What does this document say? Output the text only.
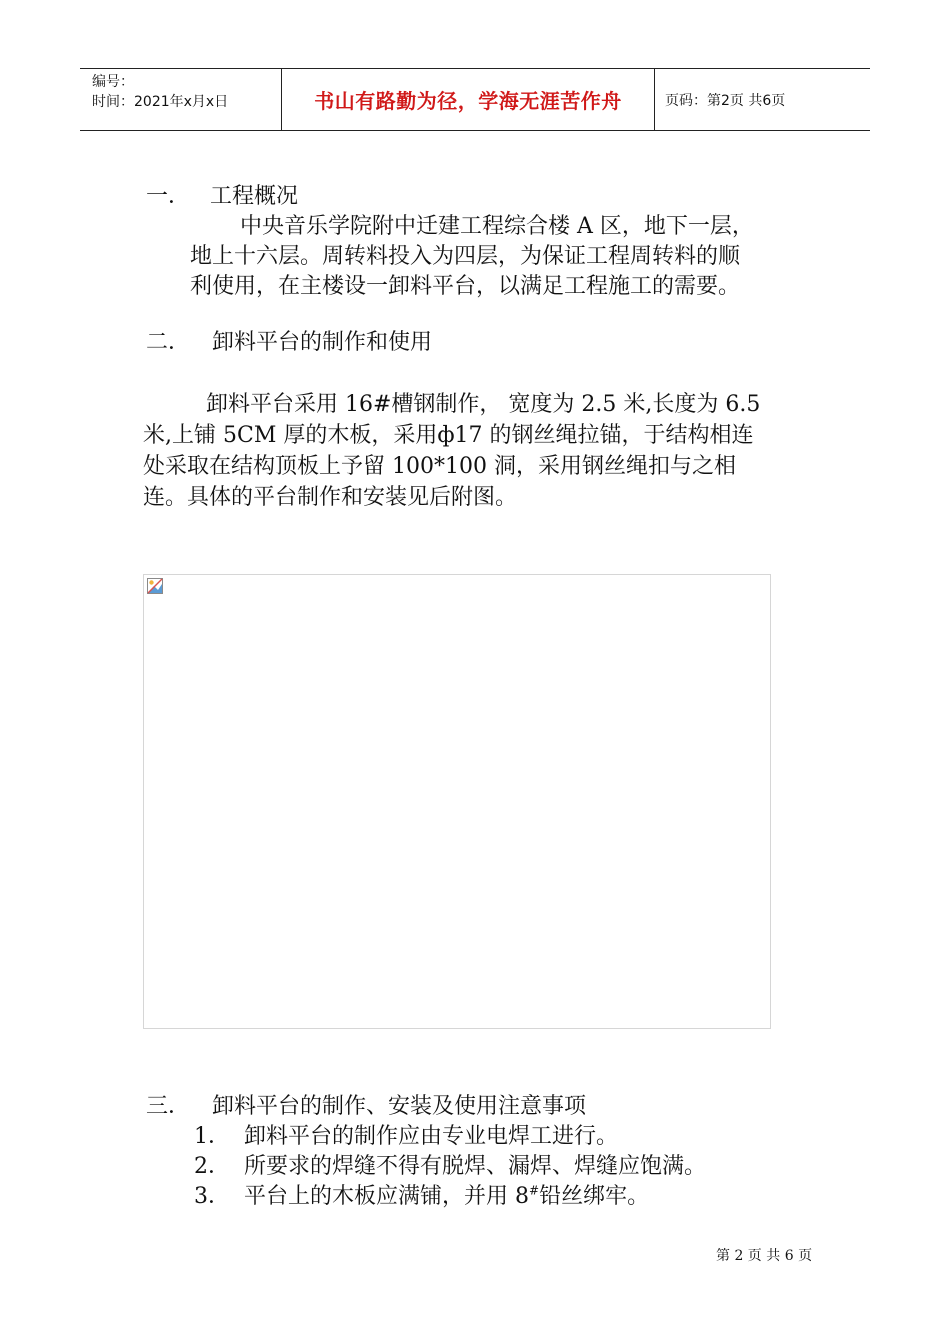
编号：
时间：2021年x月x日	书山有路勤为径，学海无涯苦作舟	页码：第2页 共6页
一． 工程概况
中央音乐学院附中迁建工程综合楼 A 区，地下一层，
地上十六层。周转料投入为四层，为保证工程周转料的顺
利使用，在主楼设一卸料平台，以满足工程施工的需要。
二． 卸料平台的制作和使用
卸料平台采用 16#槽钢制作， 宽度为 2.5 米,长度为 6.5
米,上铺 5CM 厚的木板，采用ф17 的钢丝绳拉锚，于结构相连
处采取在结构顶板上予留 100*100 洞，采用钢丝绳扣与之相
连。具体的平台制作和安装见后附图。
三． 卸料平台的制作、安装及使用注意事项
1． 卸料平台的制作应由专业电焊工进行。
2． 所要求的焊缝不得有脱焊、漏焊、焊缝应饱满。
3． 平台上的木板应满铺，并用 8#铅丝绑牢。
第 2 页 共 6 页
